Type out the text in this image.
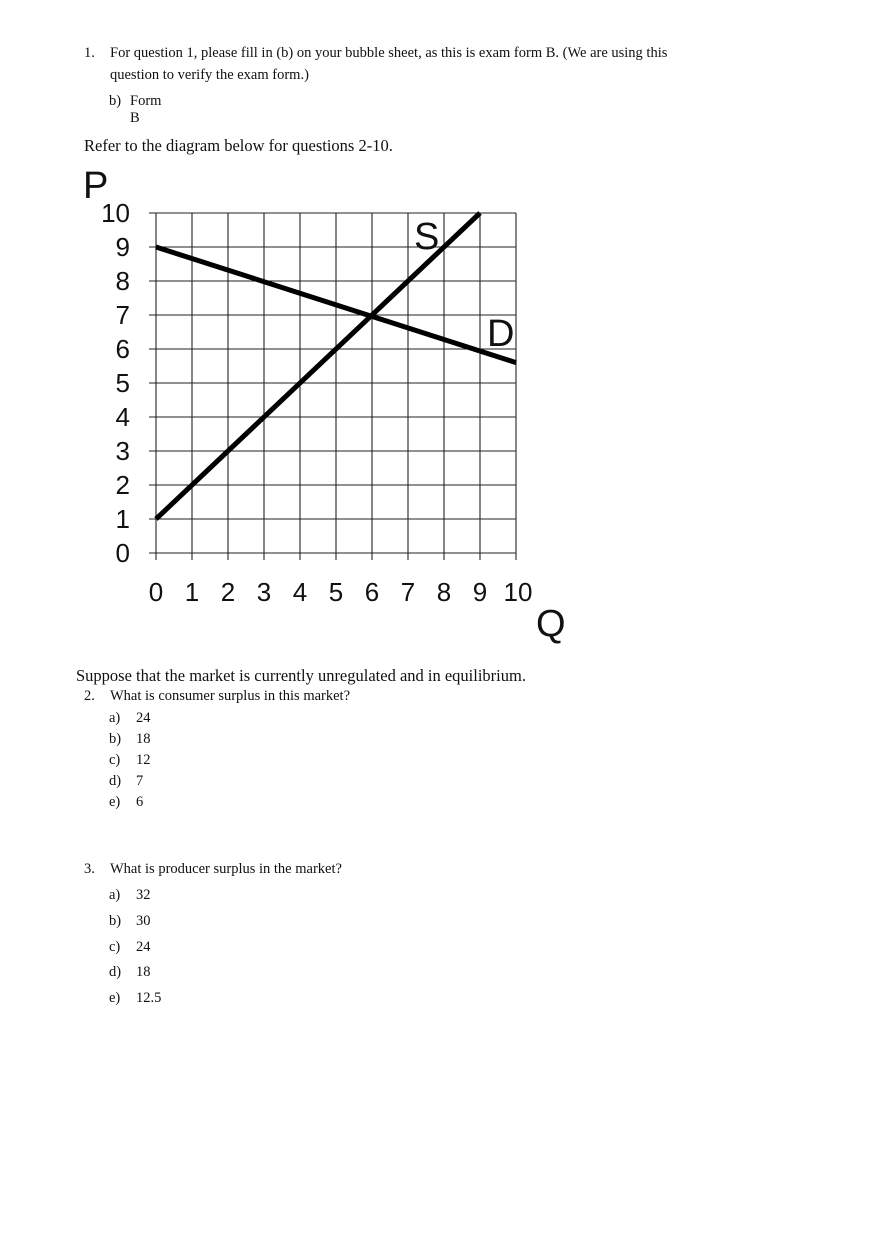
1. For question 1, please fill in (b) on your bubble sheet, as this is exam form B. (We are using this
question to verify the exam form.)
b) Form B
Refer to the diagram below for questions 2-10.
0
1
2
3
4
5
6
7
8
9
10
0 1 2 3 4 5 6 7 8 9 10
P
Q
S
D
Suppose that the market is currently unregulated and in equilibrium.
2. What is consumer surplus in this market?
a) 24
b) 18
c) 12
d) 7
e) 6
3. What is producer surplus in the market?
a) 32
b) 30
c) 24
d) 18
e) 12.5
